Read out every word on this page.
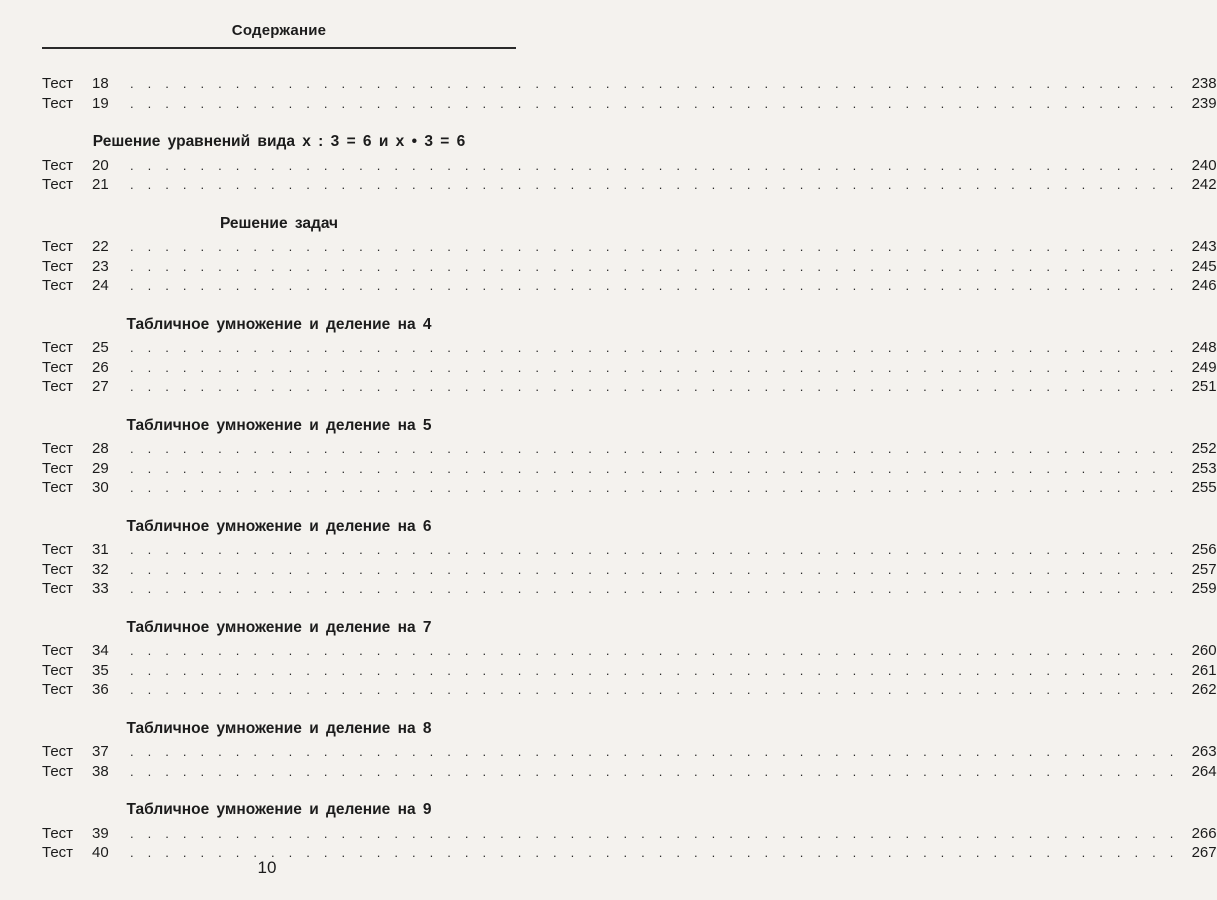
Содержание
Тест	18	. . . . . . . . . . . . . . . . . . . . . . . . . . . . . . . . . . . . . . . . . . . . . . . . . . . . . . . . . . . . 238
Тест	19	. . . . . . . . . . . . . . . . . . . . . . . . . . . . . . . . . . . . . . . . . . . . . . . . . . . . . . . . . . . . 239
Решение уравнений вида x : 3 = 6 и x • 3 = 6
Тест	20	. . . . . . . . . . . . . . . . . . . . . . . . . . . . . . . . . . . . . . . . . . . . . . . . . . . . . . . . . . . . 240
Тест	21	. . . . . . . . . . . . . . . . . . . . . . . . . . . . . . . . . . . . . . . . . . . . . . . . . . . . . . . . . . . . 242
Решение задач
Тест	22	. . . . . . . . . . . . . . . . . . . . . . . . . . . . . . . . . . . . . . . . . . . . . . . . . . . . . . . . . . . . 243
Тест	23	. . . . . . . . . . . . . . . . . . . . . . . . . . . . . . . . . . . . . . . . . . . . . . . . . . . . . . . . . . . . 245
Тест	24	. . . . . . . . . . . . . . . . . . . . . . . . . . . . . . . . . . . . . . . . . . . . . . . . . . . . . . . . . . . . 246
Табличное умножение и деление на 4
Тест	25	. . . . . . . . . . . . . . . . . . . . . . . . . . . . . . . . . . . . . . . . . . . . . . . . . . . . . . . . . . . . 248
Тест	26	. . . . . . . . . . . . . . . . . . . . . . . . . . . . . . . . . . . . . . . . . . . . . . . . . . . . . . . . . . . . 249
Тест	27	. . . . . . . . . . . . . . . . . . . . . . . . . . . . . . . . . . . . . . . . . . . . . . . . . . . . . . . . . . . . 251
Табличное умножение и деление на 5
Тест	28	. . . . . . . . . . . . . . . . . . . . . . . . . . . . . . . . . . . . . . . . . . . . . . . . . . . . . . . . . . . . 252
Тест	29	. . . . . . . . . . . . . . . . . . . . . . . . . . . . . . . . . . . . . . . . . . . . . . . . . . . . . . . . . . . . 253
Тест	30	. . . . . . . . . . . . . . . . . . . . . . . . . . . . . . . . . . . . . . . . . . . . . . . . . . . . . . . . . . . . 255
Табличное умножение и деление на 6
Тест	31	. . . . . . . . . . . . . . . . . . . . . . . . . . . . . . . . . . . . . . . . . . . . . . . . . . . . . . . . . . . . 256
Тест	32	. . . . . . . . . . . . . . . . . . . . . . . . . . . . . . . . . . . . . . . . . . . . . . . . . . . . . . . . . . . . 257
Тест	33	. . . . . . . . . . . . . . . . . . . . . . . . . . . . . . . . . . . . . . . . . . . . . . . . . . . . . . . . . . . . 259
Табличное умножение и деление на 7
Тест	34	. . . . . . . . . . . . . . . . . . . . . . . . . . . . . . . . . . . . . . . . . . . . . . . . . . . . . . . . . . . . 260
Тест	35	. . . . . . . . . . . . . . . . . . . . . . . . . . . . . . . . . . . . . . . . . . . . . . . . . . . . . . . . . . . . 261
Тест	36	. . . . . . . . . . . . . . . . . . . . . . . . . . . . . . . . . . . . . . . . . . . . . . . . . . . . . . . . . . . . 262
Табличное умножение и деление на 8
Тест	37	. . . . . . . . . . . . . . . . . . . . . . . . . . . . . . . . . . . . . . . . . . . . . . . . . . . . . . . . . . . . 263
Тест	38	. . . . . . . . . . . . . . . . . . . . . . . . . . . . . . . . . . . . . . . . . . . . . . . . . . . . . . . . . . . . 264
Табличное умножение и деление на 9
Тест	39	. . . . . . . . . . . . . . . . . . . . . . . . . . . . . . . . . . . . . . . . . . . . . . . . . . . . . . . . . . . . 266
Тест	40	. . . . . . . . . . . . . . . . . . . . . . . . . . . . . . . . . . . . . . . . . . . . . . . . . . . . . . . . . . . . 267
10
